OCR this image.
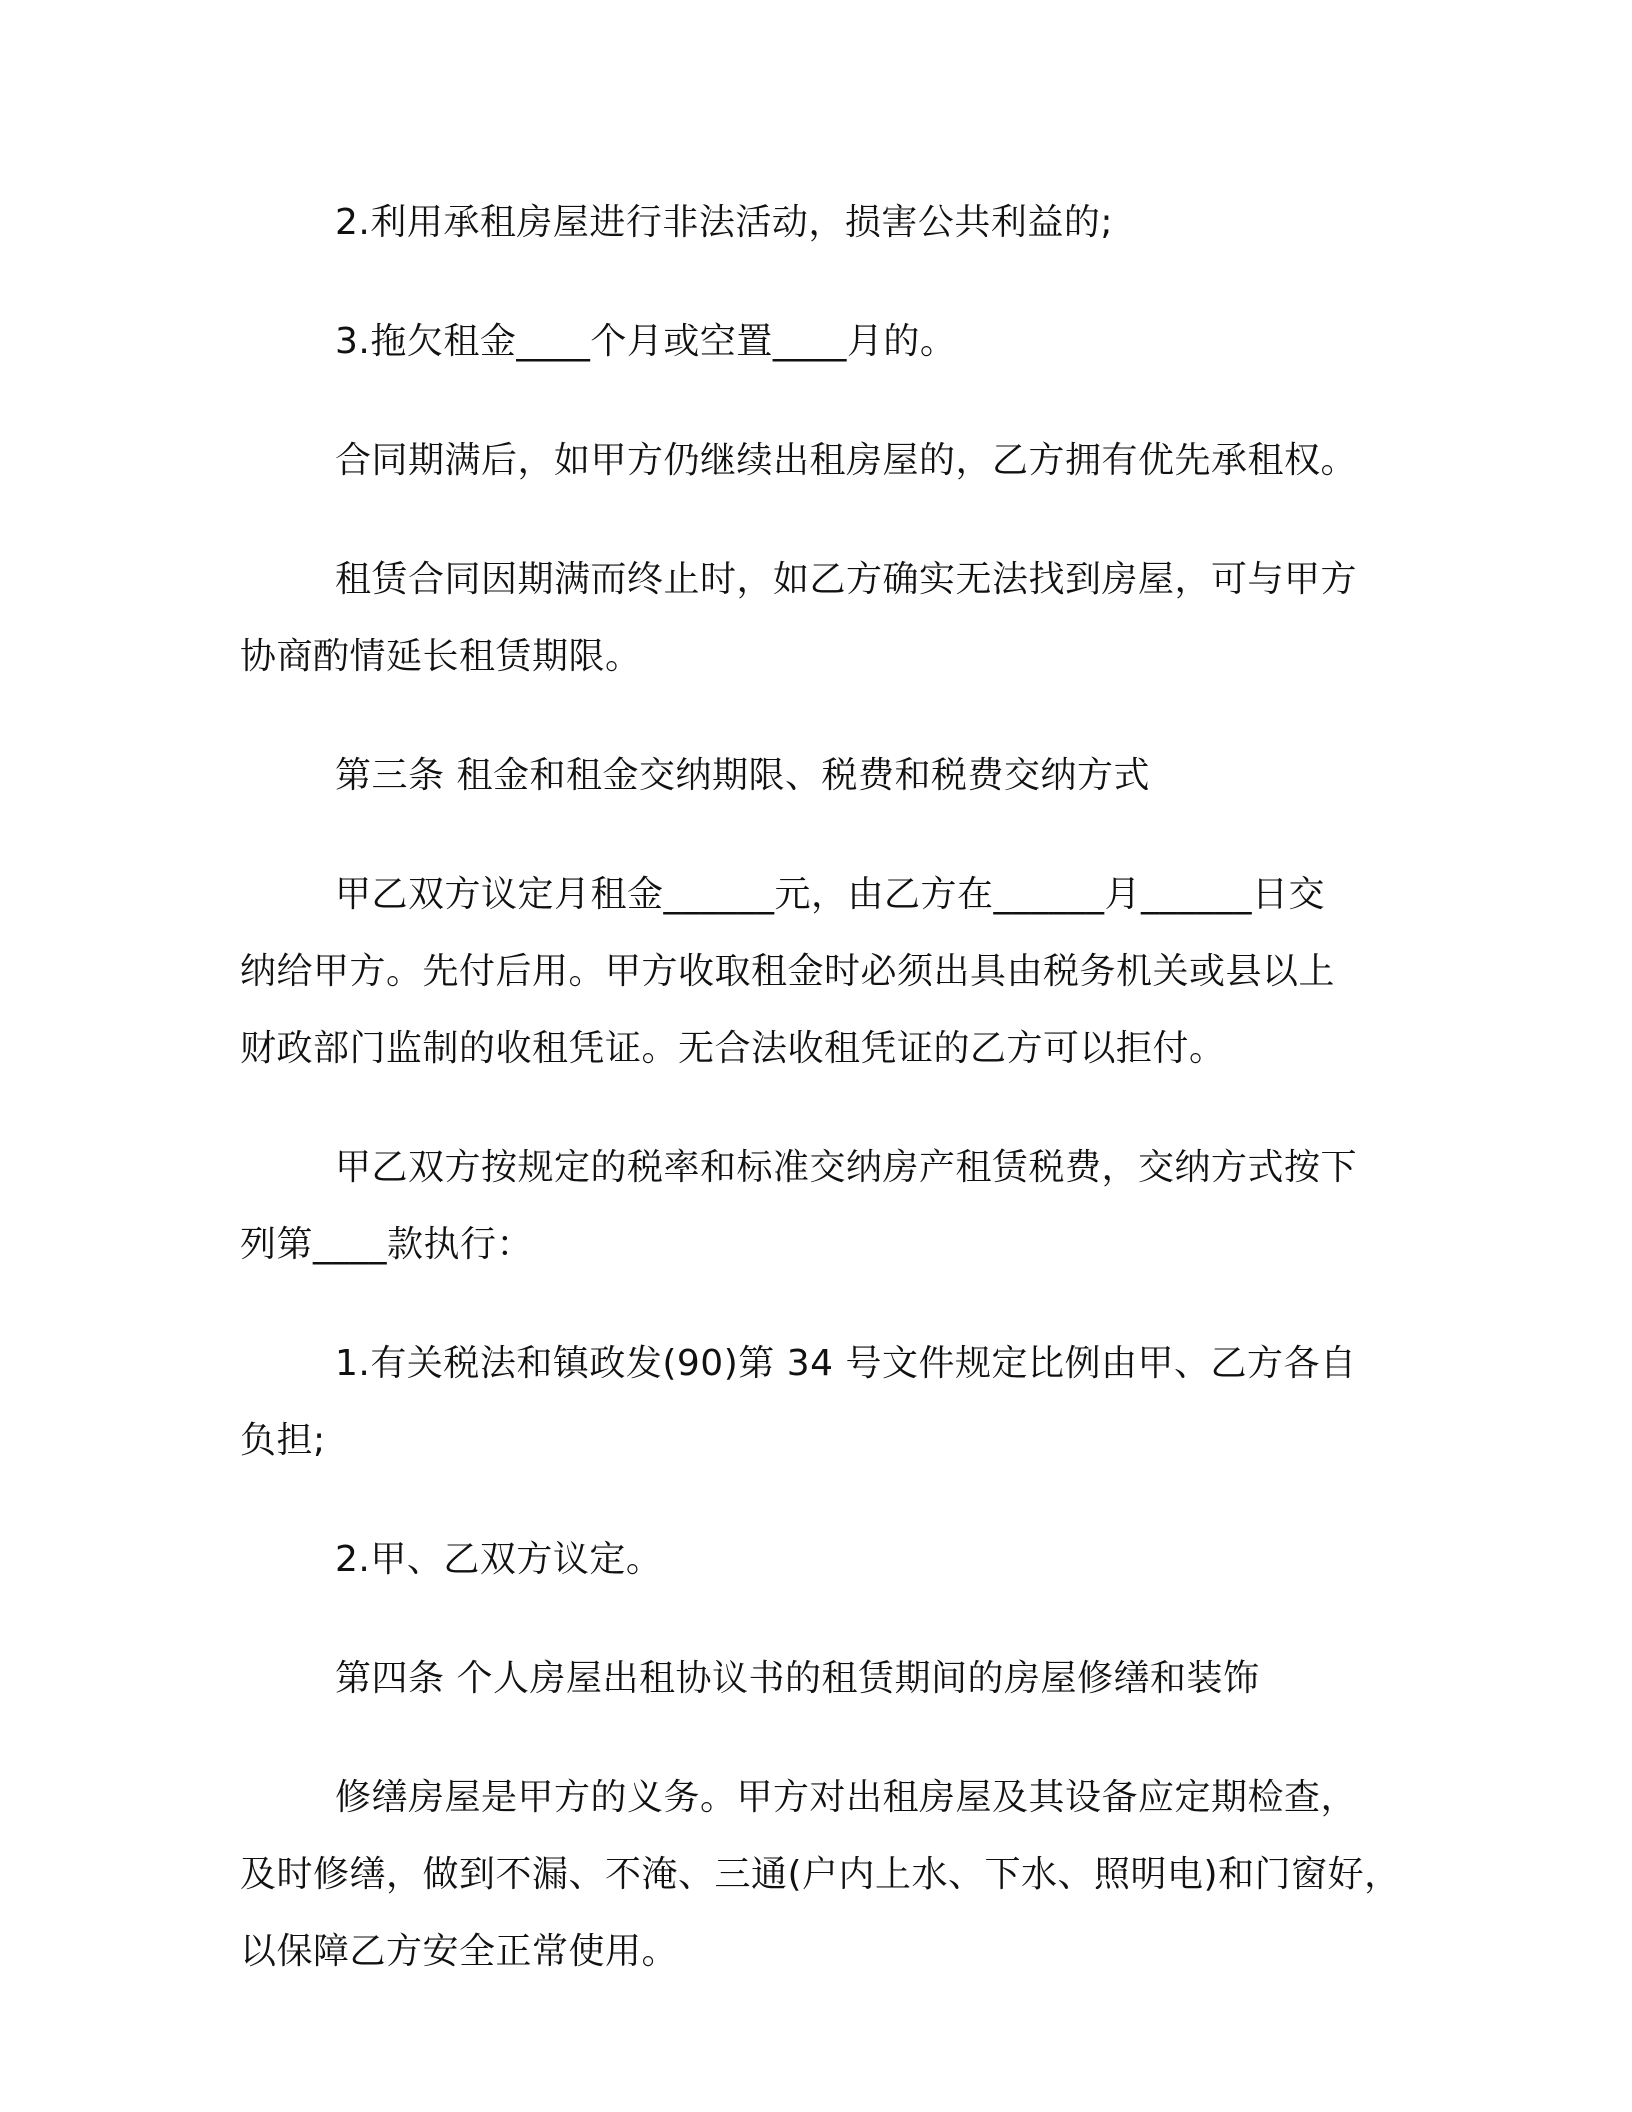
2.利用承租房屋进行非法活动，损害公共利益的;

3.拖欠租金____个月或空置____月的。

合同期满后，如甲方仍继续出租房屋的，乙方拥有优先承租权。

租赁合同因期满而终止时，如乙方确实无法找到房屋，可与甲方
协商酌情延长租赁期限。

第三条 租金和租金交纳期限、税费和税费交纳方式

甲乙双方议定月租金______元，由乙方在______月______日交
纳给甲方。先付后用。甲方收取租金时必须出具由税务机关或县以上
财政部门监制的收租凭证。无合法收租凭证的乙方可以拒付。

甲乙双方按规定的税率和标准交纳房产租赁税费，交纳方式按下
列第____款执行：

1.有关税法和镇政发(90)第 34 号文件规定比例由甲、乙方各自
负担;

2.甲、乙双方议定。

第四条 个人房屋出租协议书的租赁期间的房屋修缮和装饰

修缮房屋是甲方的义务。甲方对出租房屋及其设备应定期检查，
及时修缮，做到不漏、不淹、三通(户内上水、下水、照明电)和门窗好，
以保障乙方安全正常使用。
